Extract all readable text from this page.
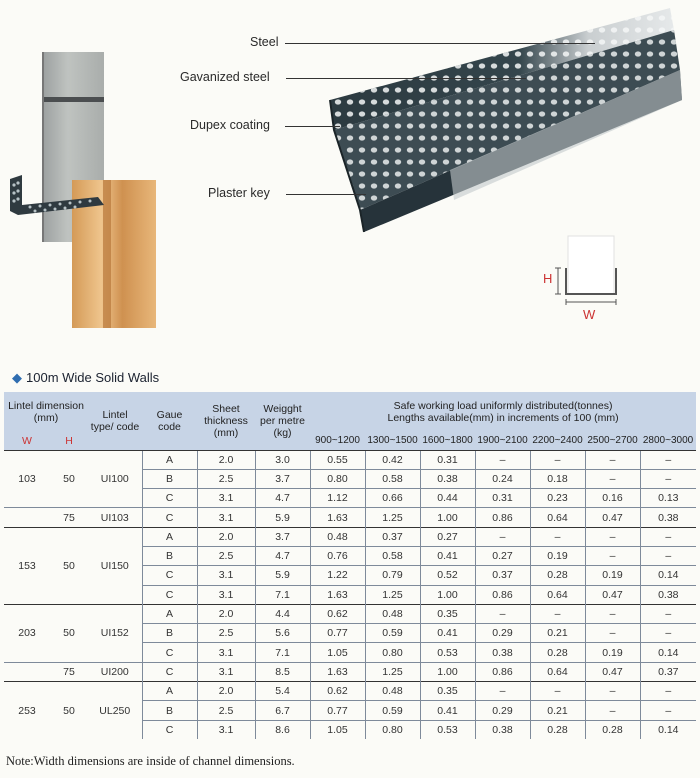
Steel
Gavanized steel
Dupex coating
Plaster key
H
W
◆ 100m Wide Solid Walls
Lintel dimension (mm)		Lintel type/ code	Gaue code	Sheet thickness (mm)	Weigght per metre (kg)	Safe working load uniformly distributed(tonnes)
Lengths available(mm) in increments of 100 (mm)						

W	H					900~1200	1300~1500	1600~1800	1900~2100	2200~2400	2500~2700	2800~3000
103	50	UI100	A	2.0	3.0	0.55	0.42	0.31	–	–	–	–
			B	2.5	3.7	0.80	0.58	0.38	0.24	0.18	–	–
			C	3.1	4.7	1.12	0.66	0.44	0.31	0.23	0.16	0.13
	75	UI103	C	3.1	5.9	1.63	1.25	1.00	0.86	0.64	0.47	0.38
153	50	UI150	A	2.0	3.7	0.48	0.37	0.27	–	–	–	–
			B	2.5	4.7	0.76	0.58	0.41	0.27	0.19	–	–
			C	3.1	5.9	1.22	0.79	0.52	0.37	0.28	0.19	0.14
			C	3.1	7.1	1.63	1.25	1.00	0.86	0.64	0.47	0.38
203	50	UI152	A	2.0	4.4	0.62	0.48	0.35	–	–	–	–
			B	2.5	5.6	0.77	0.59	0.41	0.29	0.21	–	–
			C	3.1	7.1	1.05	0.80	0.53	0.38	0.28	0.19	0.14
	75	UI200	C	3.1	8.5	1.63	1.25	1.00	0.86	0.64	0.47	0.37
253	50	UL250	A	2.0	5.4	0.62	0.48	0.35	–	–	–	–
			B	2.5	6.7	0.77	0.59	0.41	0.29	0.21	–	–
			C	3.1	8.6	1.05	0.80	0.53	0.38	0.28	0.28	0.14
Note:Width dimensions are inside of channel dimensions.
